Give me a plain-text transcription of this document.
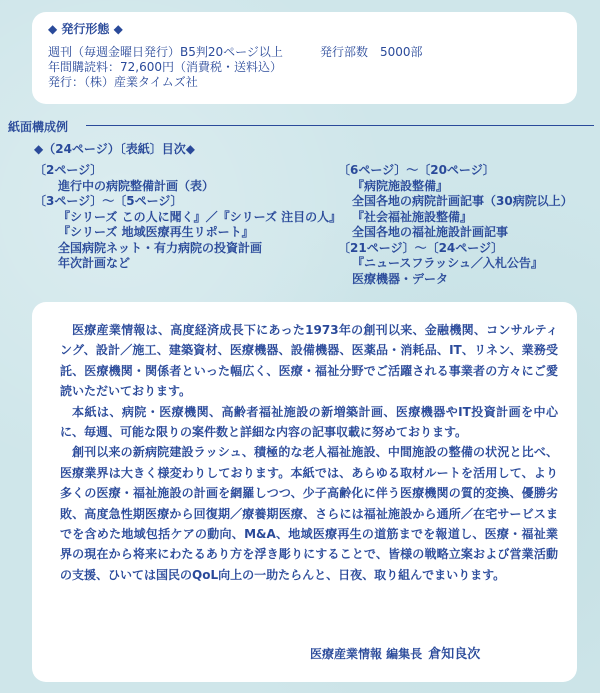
◆ 発行形態 ◆
週刊（毎週金曜日発行）B5判20ページ以上	発行部数　5000部
年間購読料：72,600円（消費税・送料込）
発行：（株）産業タイムズ社
紙面構成例
◆（24ページ）〔表紙〕目次◆
〔2ページ〕
進行中の病院整備計画（表）
〔3ページ〕～〔5ページ〕
『シリーズ この人に聞く』／『シリーズ 注目の人』
『シリーズ 地域医療再生リポート』
全国病院ネット・有力病院の投資計画
年次計画など
〔6ページ〕～〔20ページ〕
『病院施設整備』
全国各地の病院計画記事（30病院以上）
『社会福祉施設整備』
全国各地の福祉施設計画記事
〔21ページ〕～〔24ページ〕
『ニュースフラッシュ／入札公告』
医療機器・データ

医療産業情報は、高度経済成長下にあった1973年の創刊以来、金融機関、コンサルティング、設計／施工、建築資材、医療機器、設備機器、医薬品・消耗品、IT、リネン、業務受託、医療機関・関係者といった幅広く、医療・福祉分野でご活躍される事業者の方々にご愛読いただいております。

本紙は、病院・医療機関、高齢者福祉施設の新増築計画、医療機器やIT投資計画を中心に、毎週、可能な限りの案件数と詳細な内容の記事収載に努めております。

創刊以来の新病院建設ラッシュ、積極的な老人福祉施設、中間施設の整備の状況と比べ、医療業界は大きく様変わりしております。本紙では、あらゆる取材ルートを活用して、より多くの医療・福祉施設の計画を網羅しつつ、少子高齢化に伴う医療機関の質的変換、優勝劣敗、高度急性期医療から回復期／療養期医療、さらには福祉施設から通所／在宅サービスまでを含めた地域包括ケアの動向、M&A、地域医療再生の道筋までを報道し、医療・福祉業界の現在から将来にわたるあり方を浮き彫りにすることで、皆様の戦略立案および営業活動の支援、ひいては国民のQoL向上の一助たらんと、日夜、取り組んでまいります。

医療産業情報 編集長 倉知良次
